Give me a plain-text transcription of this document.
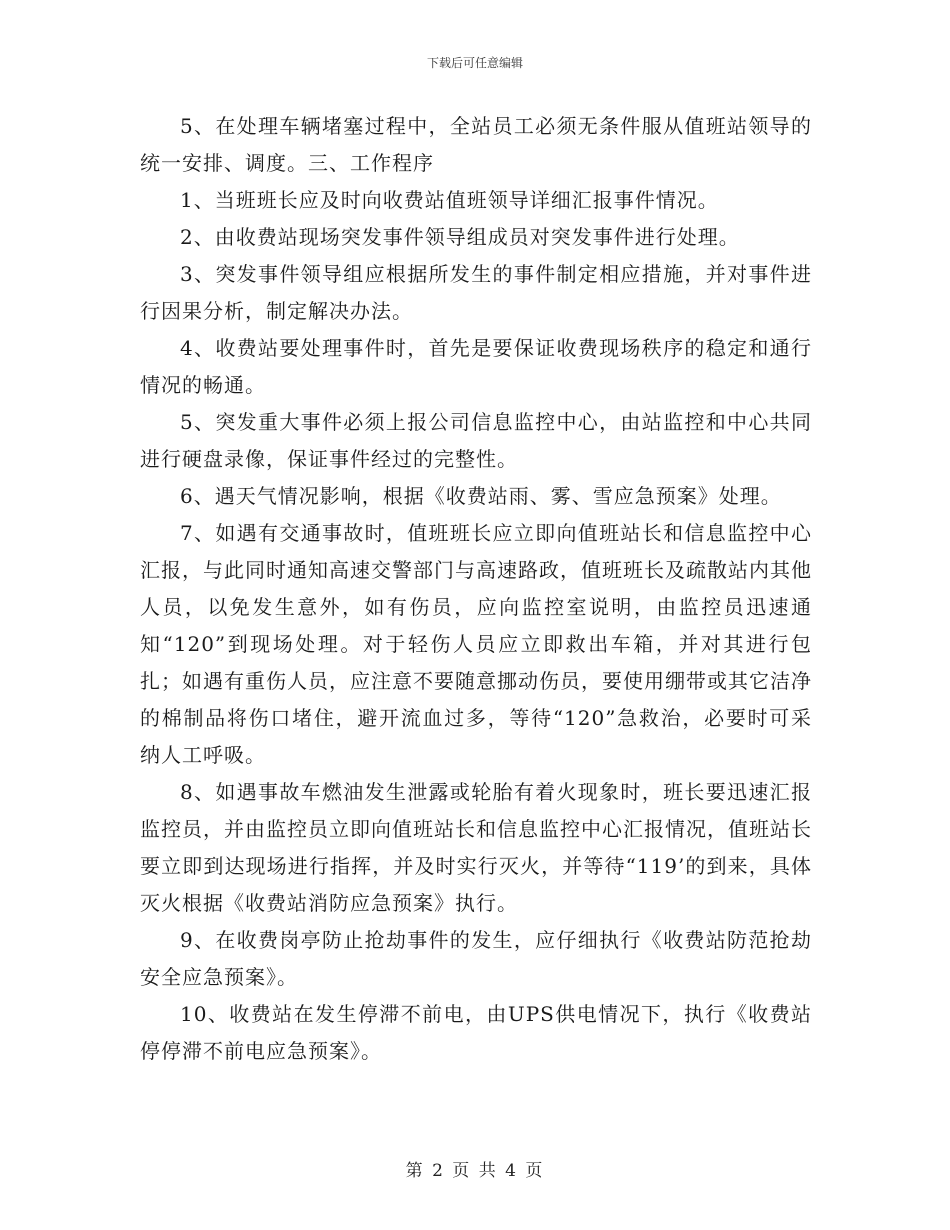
下载后可任意编辑

5、在处理车辆堵塞过程中，全站员工必须无条件服从值班站领导的统一安排、调度。三、工作程序

1、当班班长应及时向收费站值班领导详细汇报事件情况。

2、由收费站现场突发事件领导组成员对突发事件进行处理。

3、突发事件领导组应根据所发生的事件制定相应措施，并对事件进行因果分析，制定解决办法。

4、收费站要处理事件时，首先是要保证收费现场秩序的稳定和通行情况的畅通。

5、突发重大事件必须上报公司信息监控中心，由站监控和中心共同进行硬盘录像，保证事件经过的完整性。

6、遇天气情况影响，根据《收费站雨、雾、雪应急预案》处理。

7、如遇有交通事故时，值班班长应立即向值班站长和信息监控中心汇报，与此同时通知高速交警部门与高速路政，值班班长及疏散站内其他人员，以免发生意外，如有伤员，应向监控室说明，由监控员迅速通知“120”到现场处理。对于轻伤人员应立即救出车箱，并对其进行包扎；如遇有重伤人员，应注意不要随意挪动伤员，要使用绷带或其它洁净的棉制品将伤口堵住，避开流血过多，等待“120”急救治，必要时可采纳人工呼吸。

8、如遇事故车燃油发生泄露或轮胎有着火现象时，班长要迅速汇报监控员，并由监控员立即向值班站长和信息监控中心汇报情况，值班站长要立即到达现场进行指挥，并及时实行灭火，并等待“119’的到来，具体灭火根据《收费站消防应急预案》执行。

9、在收费岗亭防止抢劫事件的发生，应仔细执行《收费站防范抢劫安全应急预案》。

10、收费站在发生停滞不前电，由UPS供电情况下，执行《收费站停停滞不前电应急预案》。

第 2 页 共 4 页
